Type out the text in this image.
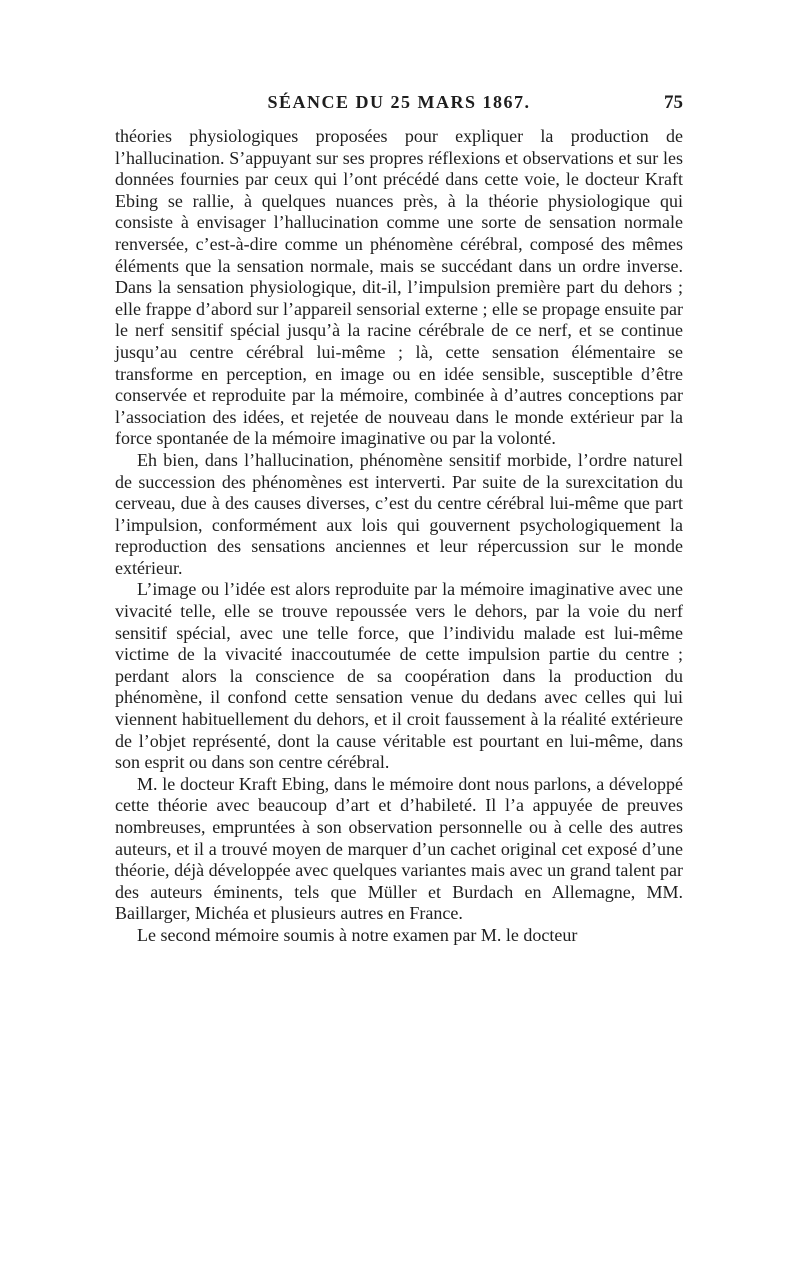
SÉANCE DU 25 MARS 1867.	75

théories physiologiques proposées pour expliquer la production de l’hallucination. S’appuyant sur ses propres réflexions et observations et sur les données fournies par ceux qui l’ont précédé dans cette voie, le docteur Kraft Ebing se rallie, à quelques nuances près, à la théorie physiologique qui consiste à envisager l’hallucination comme une sorte de sensation normale renversée, c’est-à-dire comme un phénomène cérébral, composé des mêmes éléments que la sensation normale, mais se succédant dans un ordre inverse. Dans la sensation physiologique, dit-il, l’impulsion première part du dehors ; elle frappe d’abord sur l’appareil sensorial externe ; elle se propage ensuite par le nerf sensitif spécial jusqu’à la racine cérébrale de ce nerf, et se continue jusqu’au centre cérébral lui-même ; là, cette sensation élémentaire se transforme en perception, en image ou en idée sensible, susceptible d’être conservée et reproduite par la mémoire, combinée à d’autres conceptions par l’association des idées, et rejetée de nouveau dans le monde extérieur par la force spontanée de la mémoire imaginative ou par la volonté.

Eh bien, dans l’hallucination, phénomène sensitif morbide, l’ordre naturel de succession des phénomènes est interverti. Par suite de la surexcitation du cerveau, due à des causes diverses, c’est du centre cérébral lui-même que part l’impulsion, conformément aux lois qui gouvernent psychologiquement la reproduction des sensations anciennes et leur répercussion sur le monde extérieur.

L’image ou l’idée est alors reproduite par la mémoire imaginative avec une vivacité telle, elle se trouve repoussée vers le dehors, par la voie du nerf sensitif spécial, avec une telle force, que l’individu malade est lui-même victime de la vivacité inaccoutumée de cette impulsion partie du centre ; perdant alors la conscience de sa coopération dans la production du phénomène, il confond cette sensation venue du dedans avec celles qui lui viennent habituellement du dehors, et il croit faussement à la réalité extérieure de l’objet représenté, dont la cause véritable est pourtant en lui-même, dans son esprit ou dans son centre cérébral.

M. le docteur Kraft Ebing, dans le mémoire dont nous parlons, a développé cette théorie avec beaucoup d’art et d’habileté. Il l’a appuyée de preuves nombreuses, empruntées à son observation personnelle ou à celle des autres auteurs, et il a trouvé moyen de marquer d’un cachet original cet exposé d’une théorie, déjà développée avec quelques variantes mais avec un grand talent par des auteurs éminents, tels que Müller et Burdach en Allemagne, MM. Baillarger, Michéa et plusieurs autres en France.

Le second mémoire soumis à notre examen par M. le docteur
